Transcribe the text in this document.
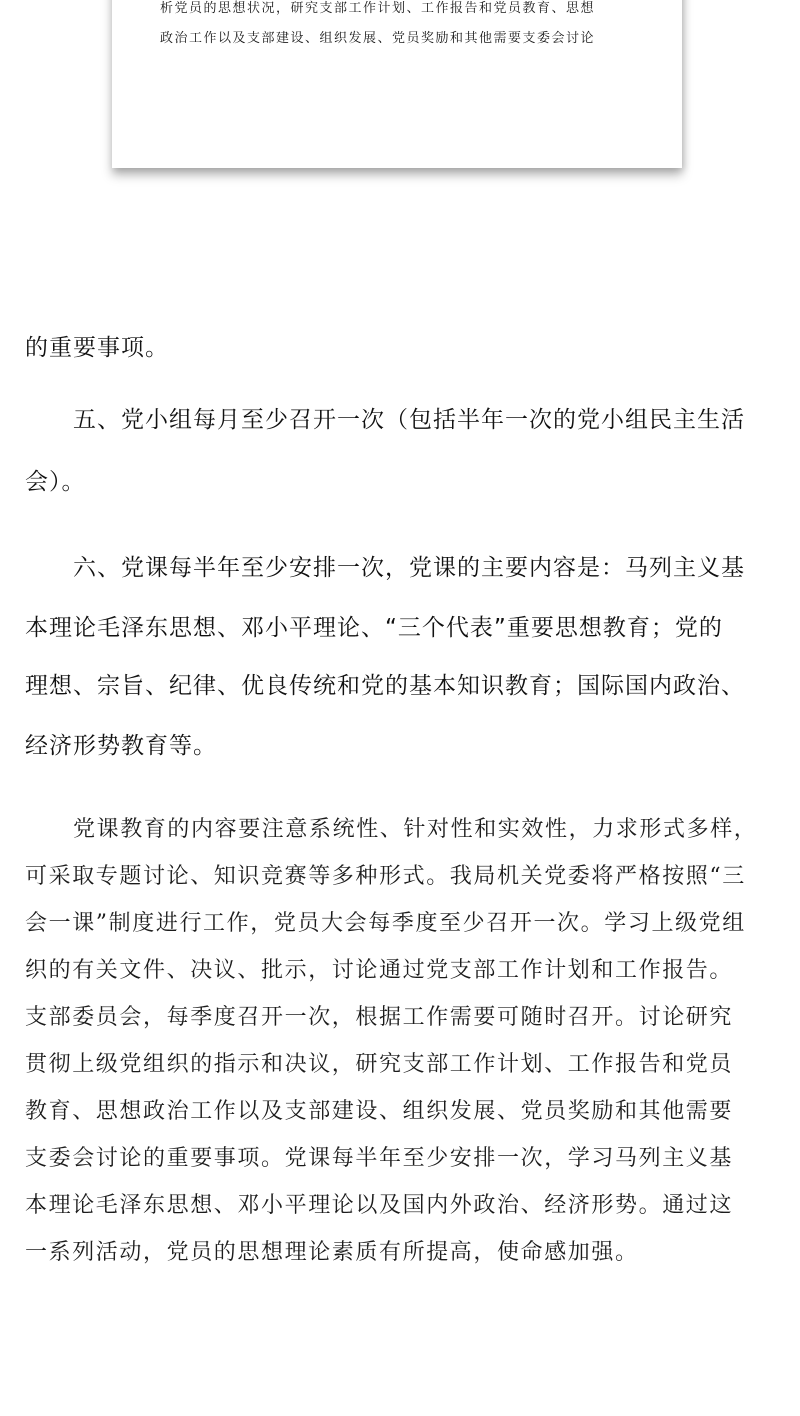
析党员的思想状况，研究支部工作计划、工作报告和党员教育、思想
政治工作以及支部建设、组织发展、党员奖励和其他需要支委会讨论

的重要事项。

五、党小组每月至少召开一次（包括半年一次的党小组民主生活

会）。

六、党课每半年至少安排一次，党课的主要内容是：马列主义基

本理论毛泽东思想、邓小平理论、“三个代表”重要思想教育；党的

理想、宗旨、纪律、优良传统和党的基本知识教育；国际国内政治、

经济形势教育等。

党课教育的内容要注意系统性、针对性和实效性，力求形式多样，

可采取专题讨论、知识竞赛等多种形式。我局机关党委将严格按照“三

会一课”制度进行工作，党员大会每季度至少召开一次。学习上级党组

织的有关文件、决议、批示，讨论通过党支部工作计划和工作报告。

支部委员会，每季度召开一次，根据工作需要可随时召开。讨论研究

贯彻上级党组织的指示和决议，研究支部工作计划、工作报告和党员

教育、思想政治工作以及支部建设、组织发展、党员奖励和其他需要

支委会讨论的重要事项。党课每半年至少安排一次，学习马列主义基

本理论毛泽东思想、邓小平理论以及国内外政治、经济形势。通过这

一系列活动，党员的思想理论素质有所提高，使命感加强。
